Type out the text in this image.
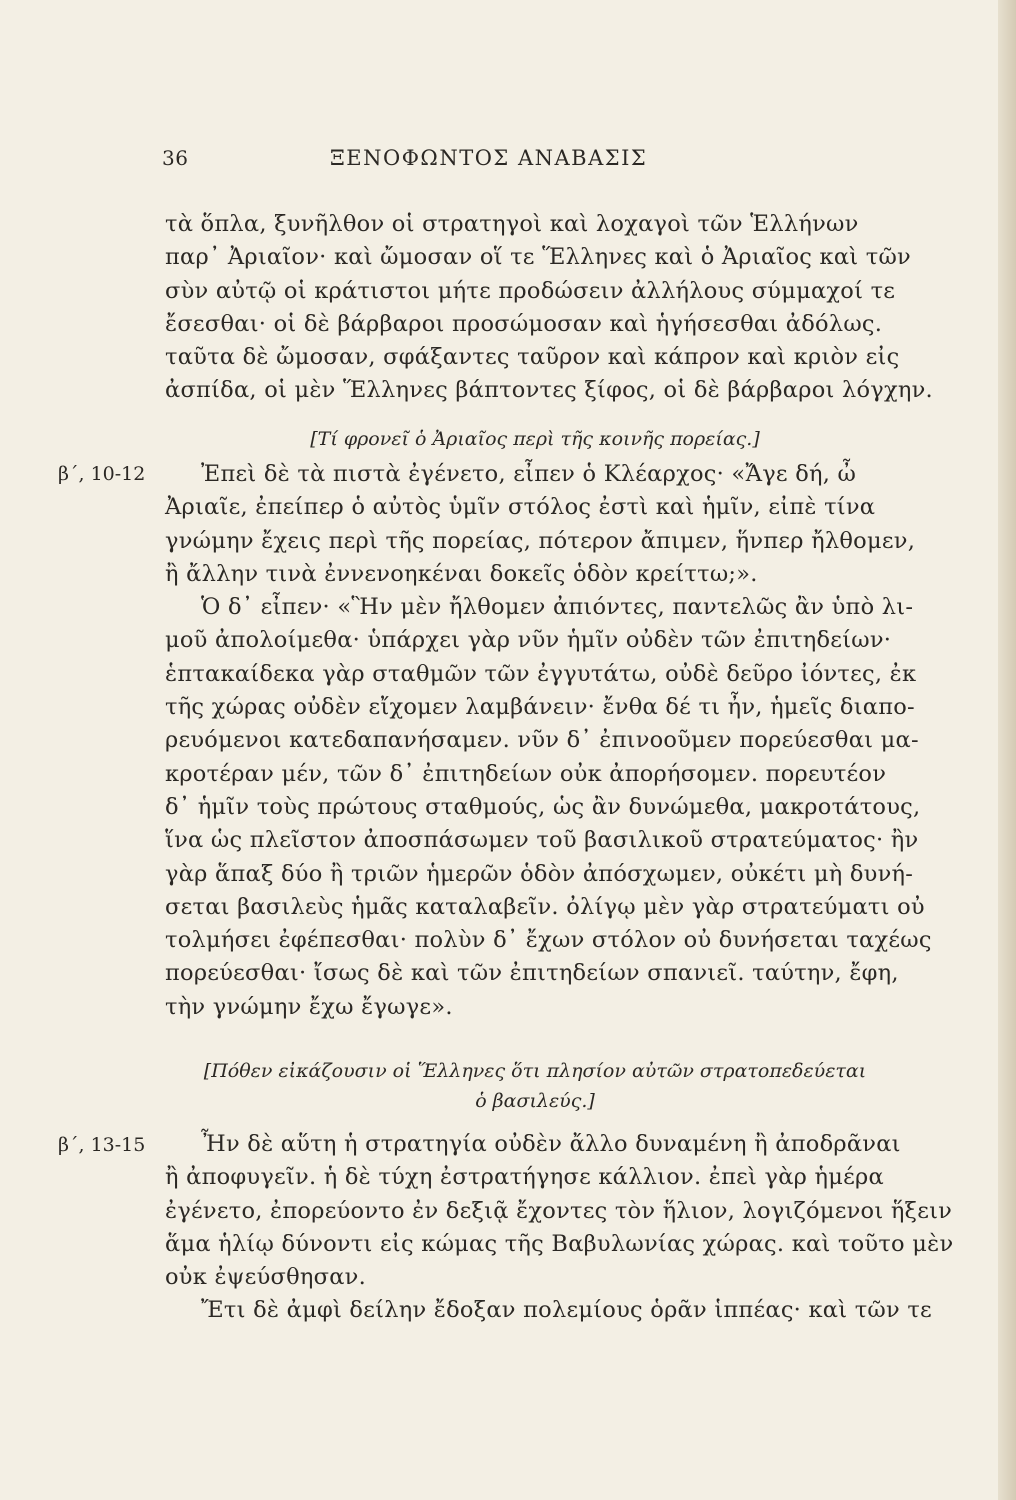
36	ΞΕΝΟΦΩΝΤΟΣ ΑΝΑΒΑΣΙΣ
τὰ ὅπλα, ξυνῆλθον οἱ στρατηγοὶ καὶ λοχαγοὶ τῶν Ἑλλήνων
παρ᾽ Ἀριαῖον· καὶ ὤμοσαν οἵ τε Ἕλληνες καὶ ὁ Ἀριαῖος καὶ τῶν
σὺν αὐτῷ οἱ κράτιστοι μήτε προδώσειν ἀλλήλους σύμμαχοί τε
ἔσεσθαι· οἱ δὲ βάρβαροι προσώμοσαν καὶ ἡγήσεσθαι ἀδόλως.
ταῦτα δὲ ὤμοσαν, σφάξαντες ταῦρον καὶ κάπρον καὶ κριὸν εἰς
ἀσπίδα, οἱ μὲν Ἕλληνες βάπτοντες ξίφος, οἱ δὲ βάρβαροι λόγχην.
[Τί φρονεῖ ὁ Ἀριαῖος περὶ τῆς κοινῆς πορείας.]
β΄, 10-12	Ἐπεὶ δὲ τὰ πιστὰ ἐγένετο, εἶπεν ὁ Κλέαρχος· «Ἄγε δή, ὦ
Ἀριαῖε, ἐπείπερ ὁ αὐτὸς ὑμῖν στόλος ἐστὶ καὶ ἡμῖν, εἰπὲ τίνα
γνώμην ἔχεις περὶ τῆς πορείας, πότερον ἄπιμεν, ἥνπερ ἤλθομεν,
ἢ ἄλλην τινὰ ἐννενοηκέναι δοκεῖς ὁδὸν κρείττω;».
Ὁ δ᾽ εἶπεν· «Ἣν μὲν ἤλθομεν ἀπιόντες, παντελῶς ἂν ὑπὸ λι-
μοῦ ἀπολοίμεθα· ὑπάρχει γὰρ νῦν ἡμῖν οὐδὲν τῶν ἐπιτηδείων·
ἑπτακαίδεκα γὰρ σταθμῶν τῶν ἐγγυτάτω, οὐδὲ δεῦρο ἰόντες, ἐκ
τῆς χώρας οὐδὲν εἴχομεν λαμβάνειν· ἔνθα δέ τι ἦν, ἡμεῖς διαπο-
ρευόμενοι κατεδαπανήσαμεν. νῦν δ᾽ ἐπινοοῦμεν πορεύεσθαι μα-
κροτέραν μέν, τῶν δ᾽ ἐπιτηδείων οὐκ ἀπορήσομεν. πορευτέον
δ᾽ ἡμῖν τοὺς πρώτους σταθμούς, ὡς ἂν δυνώμεθα, μακροτάτους,
ἵνα ὡς πλεῖστον ἀποσπάσωμεν τοῦ βασιλικοῦ στρατεύματος· ἢν
γὰρ ἅπαξ δύο ἢ τριῶν ἡμερῶν ὁδὸν ἀπόσχωμεν, οὐκέτι μὴ δυνή-
σεται βασιλεὺς ἡμᾶς καταλαβεῖν. ὀλίγῳ μὲν γὰρ στρατεύματι οὐ
τολμήσει ἐφέπεσθαι· πολὺν δ᾽ ἔχων στόλον οὐ δυνήσεται ταχέως
πορεύεσθαι· ἴσως δὲ καὶ τῶν ἐπιτηδείων σπανιεῖ. ταύτην, ἔφη,
τὴν γνώμην ἔχω ἔγωγε».
[Πόθεν εἰκάζουσιν οἱ Ἕλληνες ὅτι πλησίον αὐτῶν στρατοπεδεύεται
ὁ βασιλεύς.]
β΄, 13-15	Ἦν δὲ αὕτη ἡ στρατηγία οὐδὲν ἄλλο δυναμένη ἢ ἀποδρᾶναι
ἢ ἀποφυγεῖν. ἡ δὲ τύχη ἐστρατήγησε κάλλιον. ἐπεὶ γὰρ ἡμέρα
ἐγένετο, ἐπορεύοντο ἐν δεξιᾷ ἔχοντες τὸν ἥλιον, λογιζόμενοι ἥξειν
ἅμα ἡλίῳ δύνοντι εἰς κώμας τῆς Βαβυλωνίας χώρας. καὶ τοῦτο μὲν
οὐκ ἐψεύσθησαν.
Ἔτι δὲ ἀμφὶ δείλην ἔδοξαν πολεμίους ὁρᾶν ἱππέας· καὶ τῶν τε
